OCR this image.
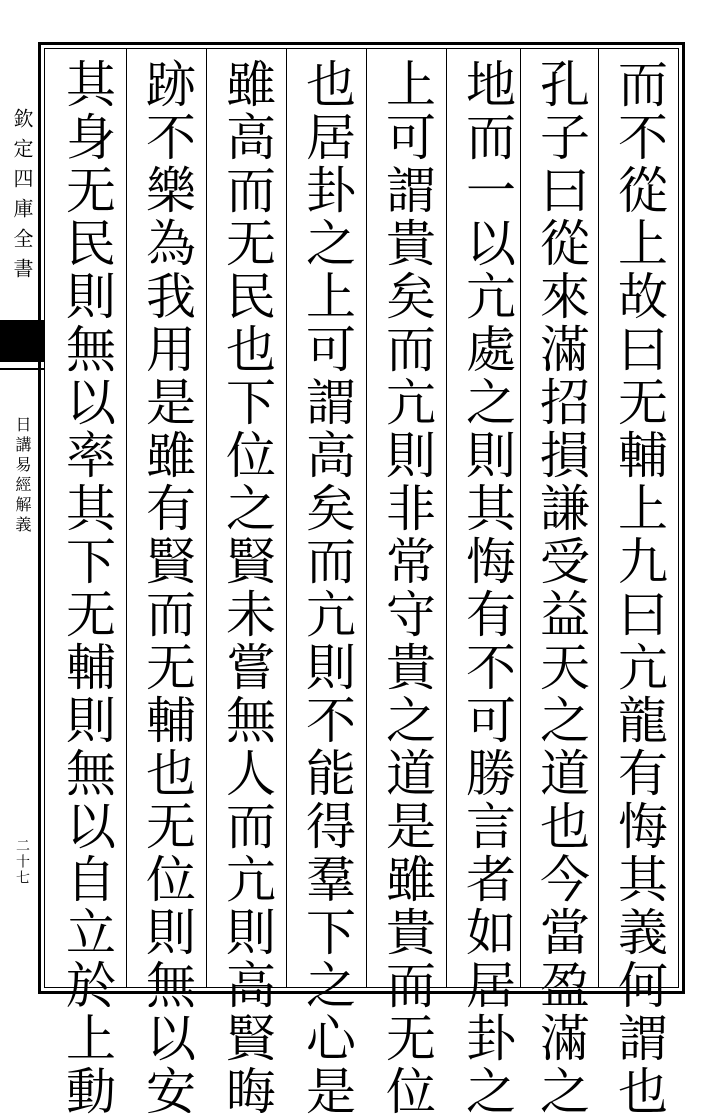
欽定四庫全書
日講易經解義
二十七	而不從上故曰无輔上九曰亢龍有悔其義何謂也
孔子曰從來滿招損謙受益天之道也今當盈滿之
地而一以亢處之則其悔有不可勝言者如居卦之
上可謂貴矣而亢則非常守貴之道是雖貴而无位
也居卦之上可謂高矣而亢則不能得羣下之心是
雖高而无民也下位之賢未嘗無人而亢則高賢晦
跡不樂為我用是雖有賢而无輔也无位則無以安
其身无民則無以率其下无輔則無以自立於上動
